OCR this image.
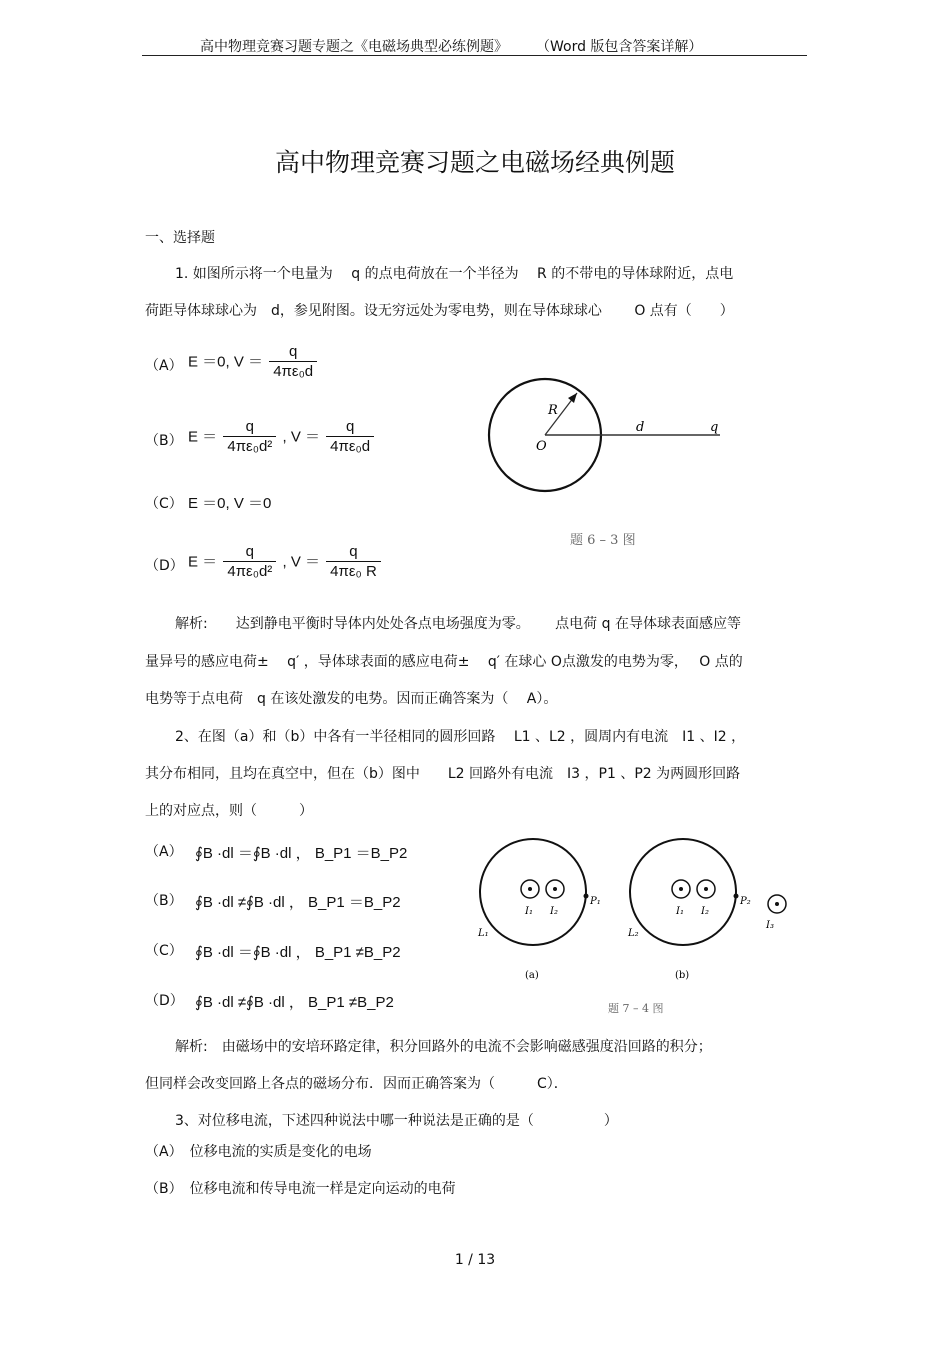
高中物理竞赛习题专题之《电磁场典型必练例题》　　　（Word 版包含答案详解）
高中物理竞赛习题之电磁场经典例题
一、选择题
1. 如图所示将一个电量为　 q 的点电荷放在一个半径为　 R 的不带电的导体球附近，点电
荷距导体球球心为　d，参见附图。设无穷远处为零电势，则在导体球球心　　 O 点有（　　）
（A） E ＝0, $V = \frac{q}{\text{4πε₀d}}$
（B） $E = \frac{q}{\text{4πε₀d²}}$ , $V = \frac{q}{\text{4πε₀d}}$
（C） E ＝0, V ＝0
（D） $E = \frac{q}{\text{4πε₀d²}}$ , $V = \frac{q}{\text{4πε₀ R}}$
R
O
d	q
题 6 – 3 图
解析:　　达到静电平衡时导体内处处各点电场强度为零。　　 点电荷 q 在导体球表面感应等
量异号的感应电荷±　 q′ ，导体球表面的感应电荷±　 q′ 在球心 O点激发的电势为零，　 O 点的
电势等于点电荷　q 在该处激发的电势。因而正确答案为（　 A）。
2、在图（a）和（b）中各有一半径相同的圆形回路　 L1 、L2 ，圆周内有电流　I1 、I2 ，
其分布相同，且均在真空中，但在（b）图中　　L2 回路外有电流　I3 ，P1 、P2 为两圆形回路
上的对应点，则（　　　）
（A） ∮B ·dl ＝∮B ·dl ， B_P1 ＝B_P2
（B） ∮B ·dl ≠∮B ·dl ， B_P1 ＝B_P2
（C） ∮B ·dl ＝∮B ·dl ， B_P1 ≠B_P2
（D） ∮B ·dl ≠∮B ·dl ， B_P1 ≠B_P2
I₁ I₂
P₁
L₁
(a)
I₁ I₂
P₂
L₂
(b)
I₃
题 7 – 4 图
解析:　由磁场中的安培环路定律，积分回路外的电流不会影响磁感强度沿回路的积分；
但同样会改变回路上各点的磁场分布．因而正确答案为（　　　C）．
3、对位移电流，下述四种说法中哪一种说法是正确的是（　　　　　）
（A）　位移电流的实质是变化的电场
（B）　位移电流和传导电流一样是定向运动的电荷
1 / 13
